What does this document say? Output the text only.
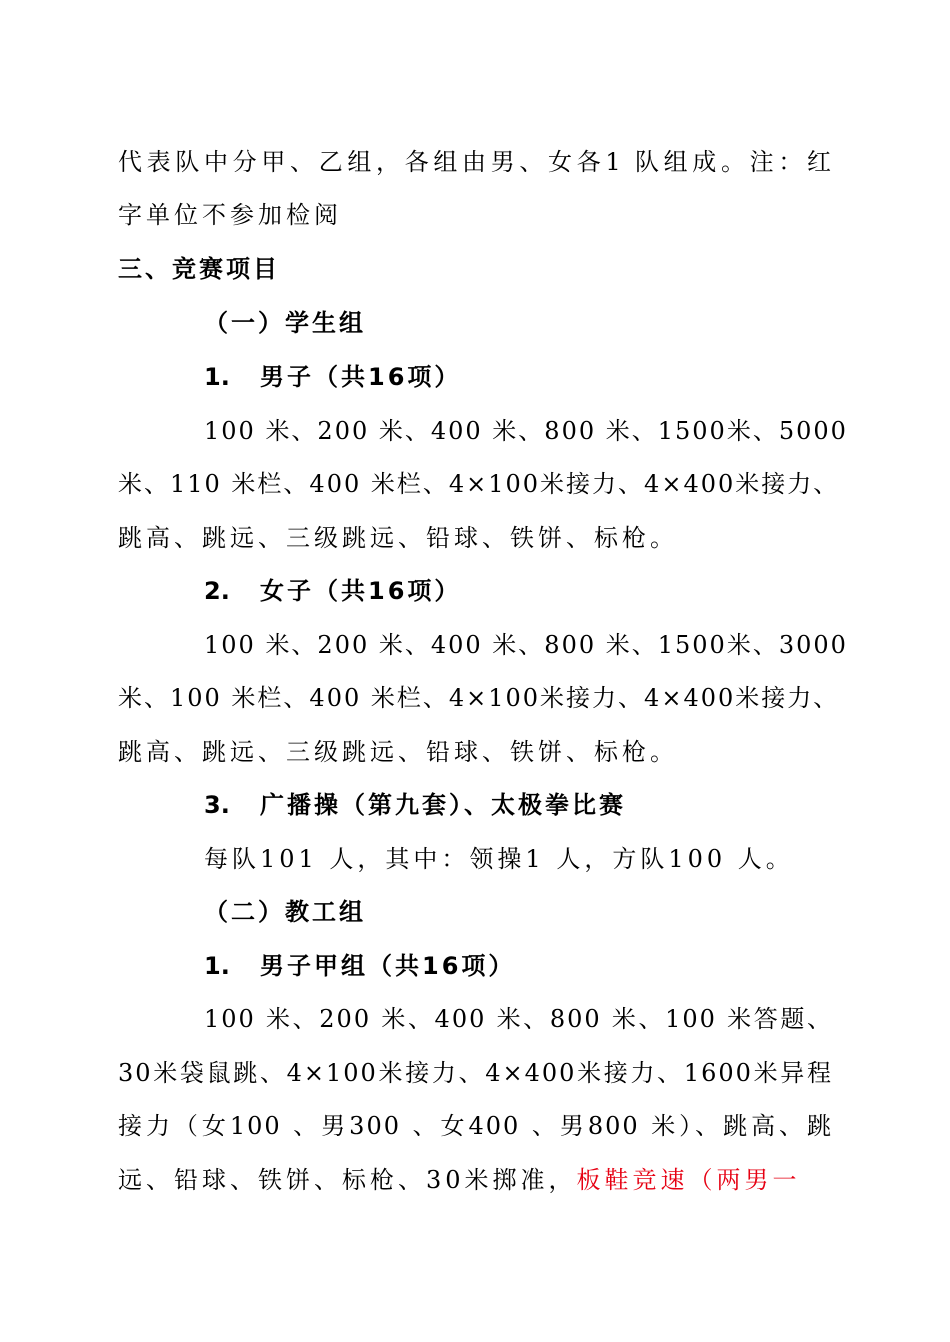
代表队中分甲、乙组，各组由男、女各1 队组成。注：红
字单位不参加检阅
三、竞赛项目
（一）学生组
1. 男子（共16项）
100 米、200 米、400 米、800 米、1500米、5000
米、110 米栏、400 米栏、4×100米接力、4×400米接力、
跳高、跳远、三级跳远、铅球、铁饼、标枪。
2. 女子（共16项）
100 米、200 米、400 米、800 米、1500米、3000
米、100 米栏、400 米栏、4×100米接力、4×400米接力、
跳高、跳远、三级跳远、铅球、铁饼、标枪。
3. 广播操（第九套）、太极拳比赛
每队101 人，其中：领操1 人，方队100 人。
（二）教工组
1. 男子甲组（共16项）
100 米、200 米、400 米、800 米、100 米答题、
30米袋鼠跳、4×100米接力、4×400米接力、1600米异程
接力（女100 、男300 、女400 、男800 米）、跳高、跳
远、铅球、铁饼、标枪、30米掷准，板鞋竞速（两男一
